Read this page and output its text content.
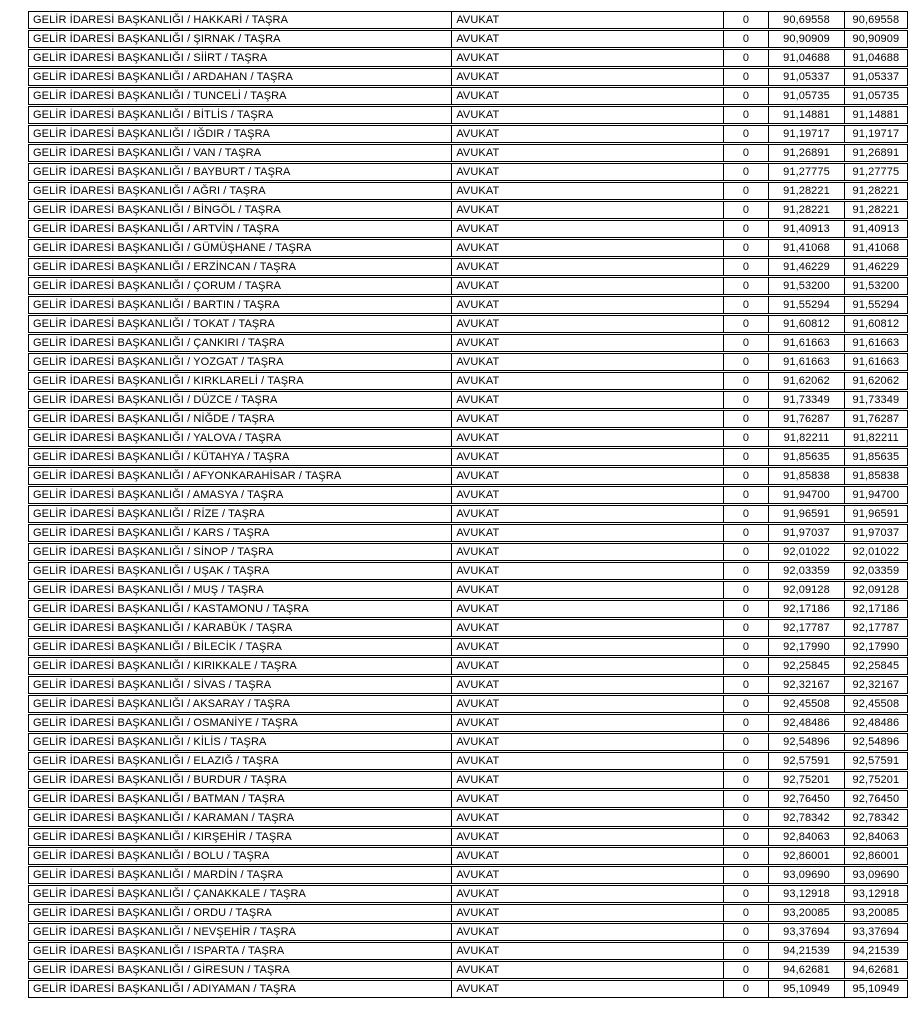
GELİR İDARESİ BAŞKANLIĞI / HAKKARİ / TAŞRA	AVUKAT	0	90,69558	90,69558
GELİR İDARESİ BAŞKANLIĞI / ŞIRNAK / TAŞRA	AVUKAT	0	90,90909	90,90909
GELİR İDARESİ BAŞKANLIĞI / SİİRT / TAŞRA	AVUKAT	0	91,04688	91,04688
GELİR İDARESİ BAŞKANLIĞI / ARDAHAN / TAŞRA	AVUKAT	0	91,05337	91,05337
GELİR İDARESİ BAŞKANLIĞI / TUNCELİ / TAŞRA	AVUKAT	0	91,05735	91,05735
GELİR İDARESİ BAŞKANLIĞI / BİTLİS / TAŞRA	AVUKAT	0	91,14881	91,14881
GELİR İDARESİ BAŞKANLIĞI / IĞDIR / TAŞRA	AVUKAT	0	91,19717	91,19717
GELİR İDARESİ BAŞKANLIĞI / VAN / TAŞRA	AVUKAT	0	91,26891	91,26891
GELİR İDARESİ BAŞKANLIĞI / BAYBURT / TAŞRA	AVUKAT	0	91,27775	91,27775
GELİR İDARESİ BAŞKANLIĞI / AĞRI / TAŞRA	AVUKAT	0	91,28221	91,28221
GELİR İDARESİ BAŞKANLIĞI / BİNGÖL / TAŞRA	AVUKAT	0	91,28221	91,28221
GELİR İDARESİ BAŞKANLIĞI / ARTVİN / TAŞRA	AVUKAT	0	91,40913	91,40913
GELİR İDARESİ BAŞKANLIĞI / GÜMÜŞHANE / TAŞRA	AVUKAT	0	91,41068	91,41068
GELİR İDARESİ BAŞKANLIĞI / ERZİNCAN / TAŞRA	AVUKAT	0	91,46229	91,46229
GELİR İDARESİ BAŞKANLIĞI / ÇORUM / TAŞRA	AVUKAT	0	91,53200	91,53200
GELİR İDARESİ BAŞKANLIĞI / BARTIN / TAŞRA	AVUKAT	0	91,55294	91,55294
GELİR İDARESİ BAŞKANLIĞI / TOKAT / TAŞRA	AVUKAT	0	91,60812	91,60812
GELİR İDARESİ BAŞKANLIĞI / ÇANKIRI / TAŞRA	AVUKAT	0	91,61663	91,61663
GELİR İDARESİ BAŞKANLIĞI / YOZGAT / TAŞRA	AVUKAT	0	91,61663	91,61663
GELİR İDARESİ BAŞKANLIĞI / KIRKLARELİ / TAŞRA	AVUKAT	0	91,62062	91,62062
GELİR İDARESİ BAŞKANLIĞI / DÜZCE / TAŞRA	AVUKAT	0	91,73349	91,73349
GELİR İDARESİ BAŞKANLIĞI / NİĞDE / TAŞRA	AVUKAT	0	91,76287	91,76287
GELİR İDARESİ BAŞKANLIĞI / YALOVA / TAŞRA	AVUKAT	0	91,82211	91,82211
GELİR İDARESİ BAŞKANLIĞI / KÜTAHYA / TAŞRA	AVUKAT	0	91,85635	91,85635
GELİR İDARESİ BAŞKANLIĞI / AFYONKARAHİSAR / TAŞRA	AVUKAT	0	91,85838	91,85838
GELİR İDARESİ BAŞKANLIĞI / AMASYA / TAŞRA	AVUKAT	0	91,94700	91,94700
GELİR İDARESİ BAŞKANLIĞI / RİZE / TAŞRA	AVUKAT	0	91,96591	91,96591
GELİR İDARESİ BAŞKANLIĞI / KARS / TAŞRA	AVUKAT	0	91,97037	91,97037
GELİR İDARESİ BAŞKANLIĞI / SİNOP / TAŞRA	AVUKAT	0	92,01022	92,01022
GELİR İDARESİ BAŞKANLIĞI / UŞAK / TAŞRA	AVUKAT	0	92,03359	92,03359
GELİR İDARESİ BAŞKANLIĞI / MUŞ / TAŞRA	AVUKAT	0	92,09128	92,09128
GELİR İDARESİ BAŞKANLIĞI / KASTAMONU / TAŞRA	AVUKAT	0	92,17186	92,17186
GELİR İDARESİ BAŞKANLIĞI / KARABÜK / TAŞRA	AVUKAT	0	92,17787	92,17787
GELİR İDARESİ BAŞKANLIĞI / BİLECİK / TAŞRA	AVUKAT	0	92,17990	92,17990
GELİR İDARESİ BAŞKANLIĞI / KIRIKKALE / TAŞRA	AVUKAT	0	92,25845	92,25845
GELİR İDARESİ BAŞKANLIĞI / SİVAS / TAŞRA	AVUKAT	0	92,32167	92,32167
GELİR İDARESİ BAŞKANLIĞI / AKSARAY / TAŞRA	AVUKAT	0	92,45508	92,45508
GELİR İDARESİ BAŞKANLIĞI / OSMANİYE / TAŞRA	AVUKAT	0	92,48486	92,48486
GELİR İDARESİ BAŞKANLIĞI / KİLİS / TAŞRA	AVUKAT	0	92,54896	92,54896
GELİR İDARESİ BAŞKANLIĞI / ELAZIĞ / TAŞRA	AVUKAT	0	92,57591	92,57591
GELİR İDARESİ BAŞKANLIĞI / BURDUR / TAŞRA	AVUKAT	0	92,75201	92,75201
GELİR İDARESİ BAŞKANLIĞI / BATMAN / TAŞRA	AVUKAT	0	92,76450	92,76450
GELİR İDARESİ BAŞKANLIĞI / KARAMAN / TAŞRA	AVUKAT	0	92,78342	92,78342
GELİR İDARESİ BAŞKANLIĞI / KIRŞEHİR / TAŞRA	AVUKAT	0	92,84063	92,84063
GELİR İDARESİ BAŞKANLIĞI / BOLU / TAŞRA	AVUKAT	0	92,86001	92,86001
GELİR İDARESİ BAŞKANLIĞI / MARDİN / TAŞRA	AVUKAT	0	93,09690	93,09690
GELİR İDARESİ BAŞKANLIĞI / ÇANAKKALE / TAŞRA	AVUKAT	0	93,12918	93,12918
GELİR İDARESİ BAŞKANLIĞI / ORDU / TAŞRA	AVUKAT	0	93,20085	93,20085
GELİR İDARESİ BAŞKANLIĞI / NEVŞEHİR / TAŞRA	AVUKAT	0	93,37694	93,37694
GELİR İDARESİ BAŞKANLIĞI / ISPARTA / TAŞRA	AVUKAT	0	94,21539	94,21539
GELİR İDARESİ BAŞKANLIĞI / GİRESUN / TAŞRA	AVUKAT	0	94,62681	94,62681
GELİR İDARESİ BAŞKANLIĞI / ADIYAMAN / TAŞRA	AVUKAT	0	95,10949	95,10949
